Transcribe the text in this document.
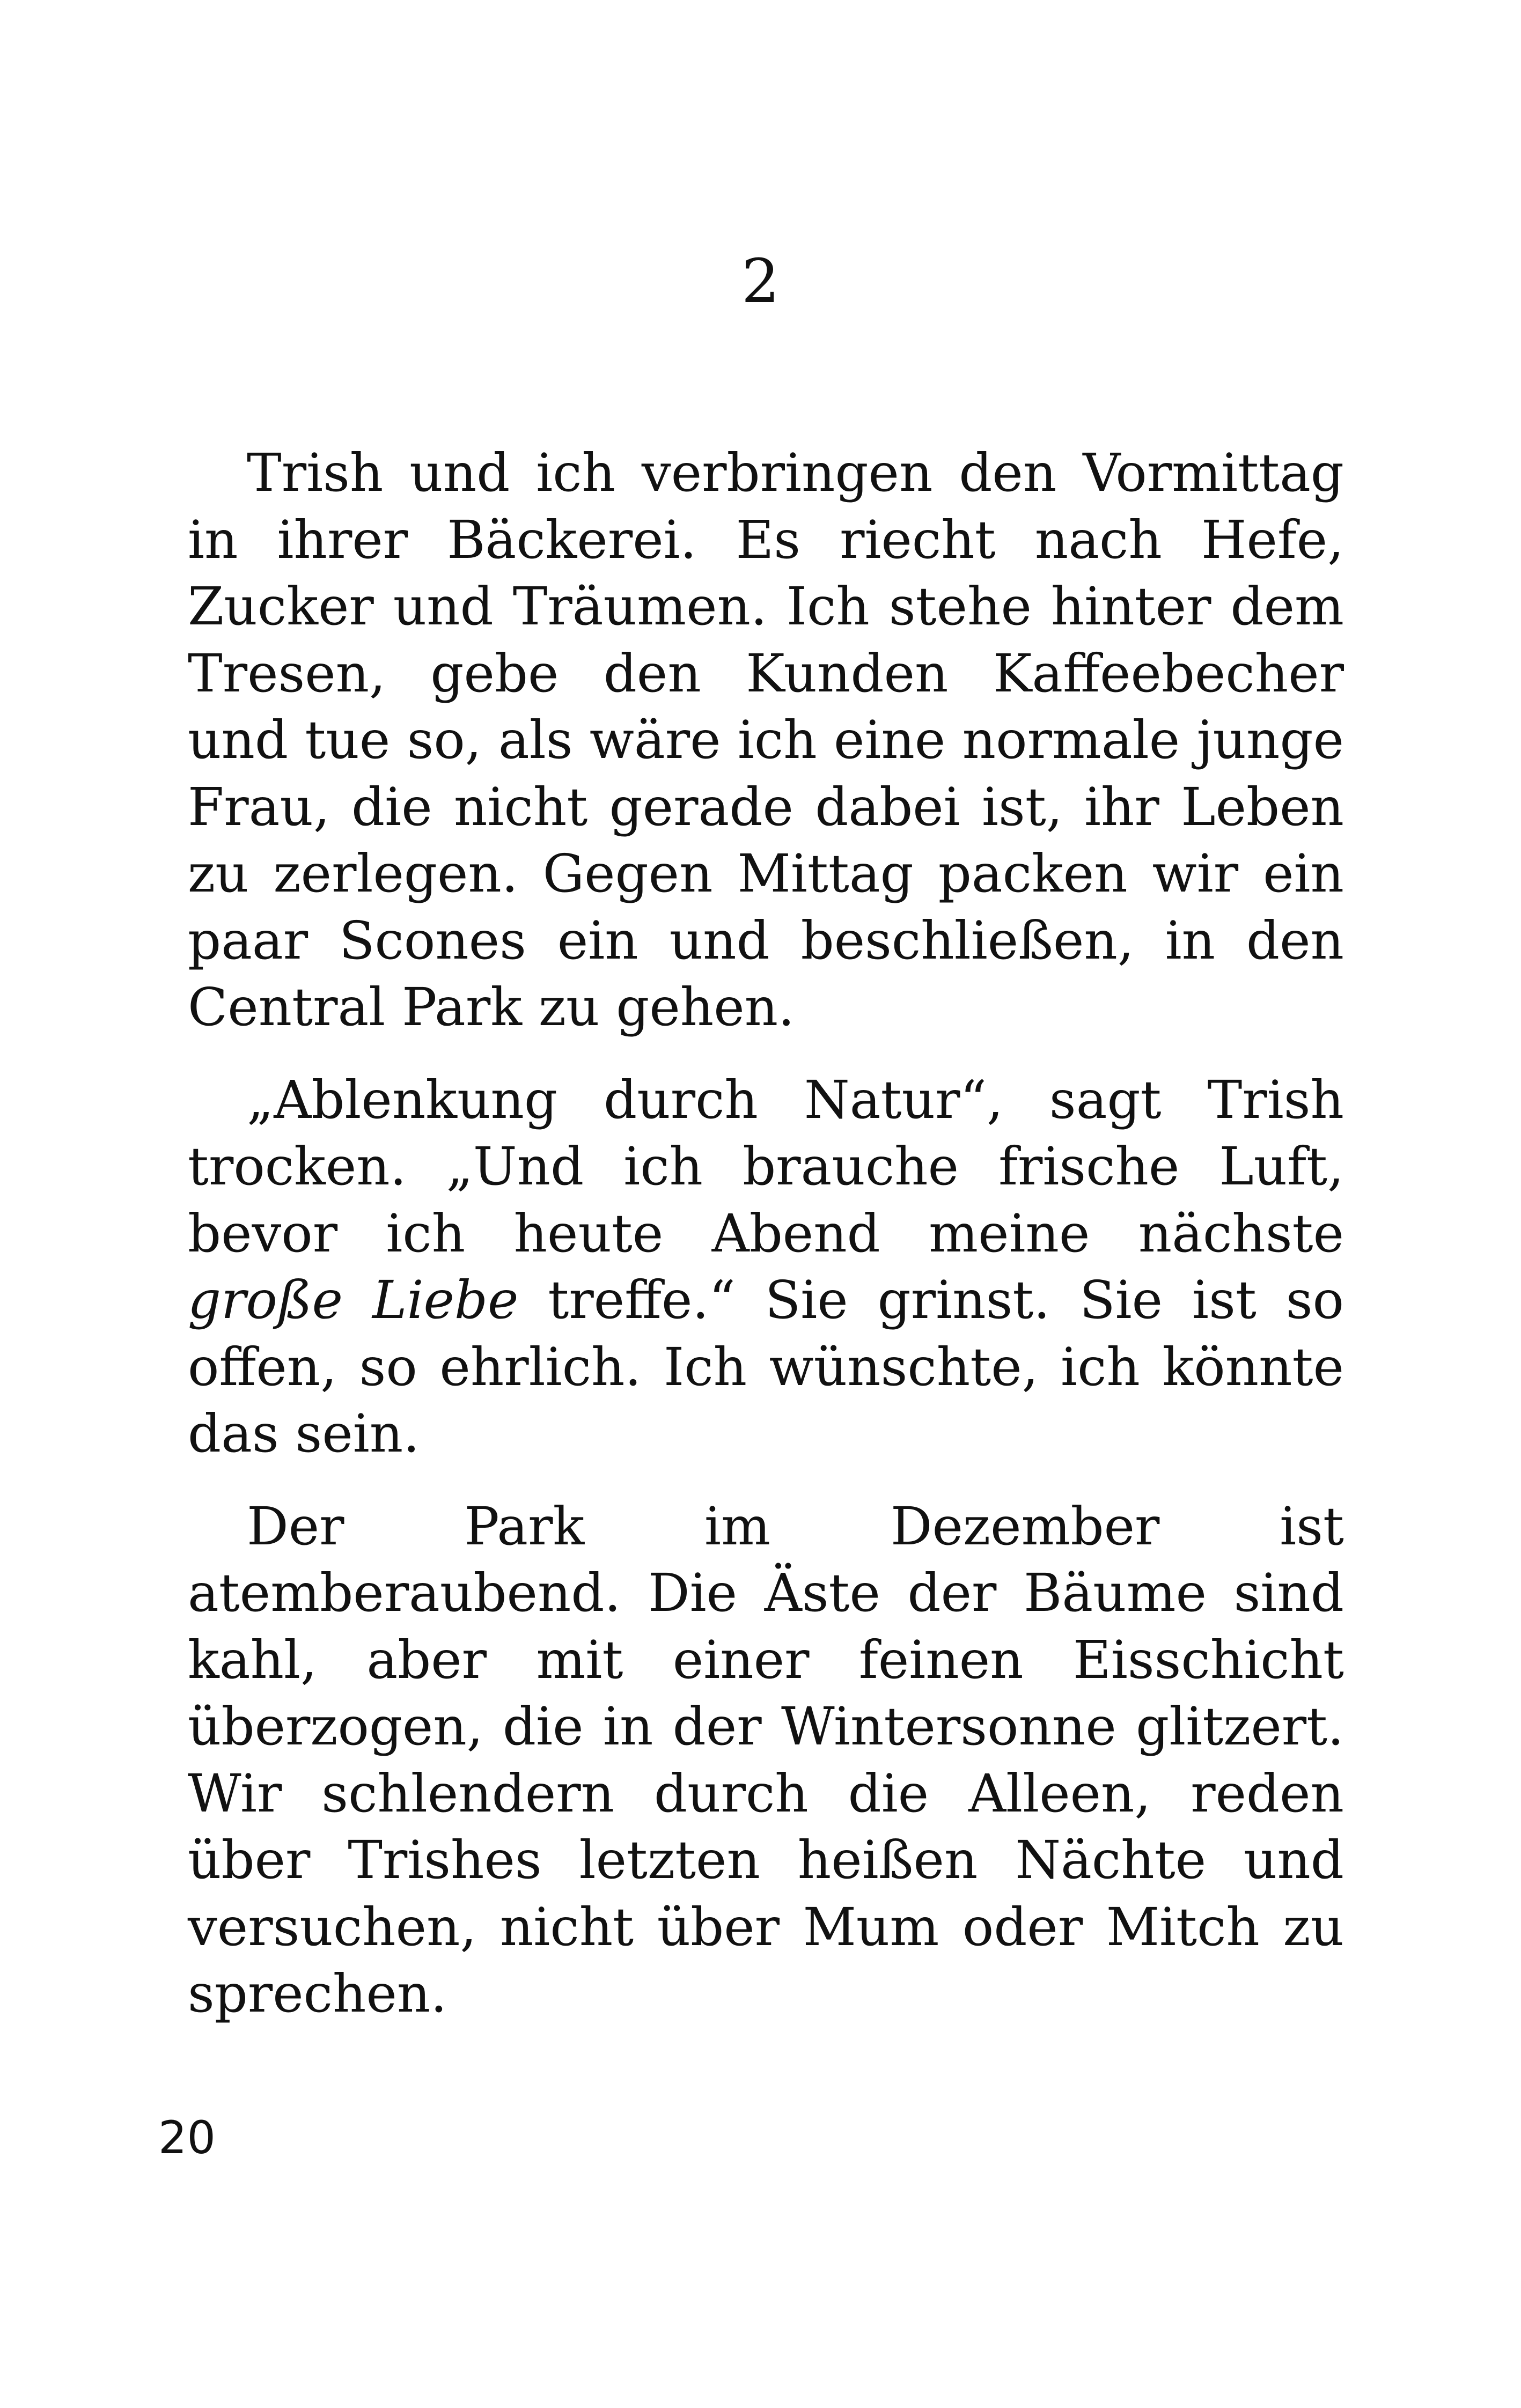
2

Trish und ich verbringen den Vormittag in ihrer Bäckerei. Es riecht nach Hefe, Zucker und Träumen. Ich stehe hinter dem Tresen, gebe den Kunden Kaffeebecher und tue so, als wäre ich eine normale junge Frau, die nicht gerade dabei ist, ihr Leben zu zerlegen. Gegen Mittag packen wir ein paar Scones ein und beschließen, in den Central Park zu gehen.

„Ablenkung durch Natur“, sagt Trish trocken. „Und ich brauche frische Luft, bevor ich heute Abend meine nächste große Liebe treffe.“ Sie grinst. Sie ist so offen, so ehrlich. Ich wünschte, ich könnte das sein.

Der Park im Dezember ist atemberaubend. Die Äste der Bäume sind kahl, aber mit einer feinen Eisschicht überzogen, die in der Wintersonne glitzert. Wir schlendern durch die Alleen, reden über Trishes letzten heißen Nächte und versuchen, nicht über Mum oder Mitch zu sprechen.

20
